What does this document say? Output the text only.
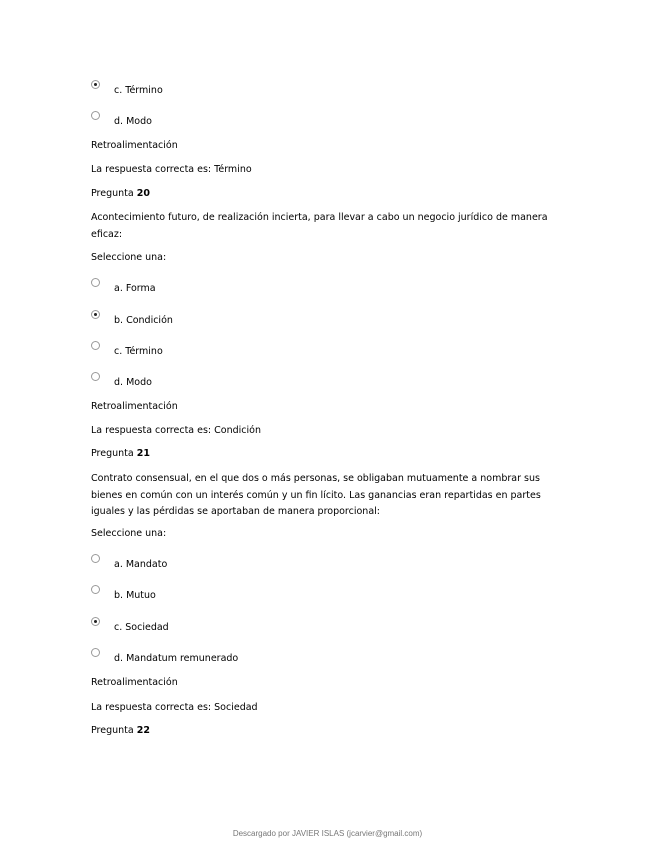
c. Término
d. Modo
Retroalimentación
La respuesta correcta es: Término
Pregunta 20
Acontecimiento futuro, de realización incierta, para llevar a cabo un negocio jurídico de manera eficaz:
Seleccione una:
a. Forma
b. Condición
c. Término
d. Modo
Retroalimentación
La respuesta correcta es: Condición
Pregunta 21
Contrato consensual, en el que dos o más personas, se obligaban mutuamente a nombrar sus bienes en común con un interés común y un fin lícito. Las ganancias eran repartidas en partes iguales y las pérdidas se aportaban de manera proporcional:
Seleccione una:
a. Mandato
b. Mutuo
c. Sociedad
d. Mandatum remunerado
Retroalimentación
La respuesta correcta es: Sociedad
Pregunta 22
Descargado por JAVIER ISLAS (jcarvier@gmail.com)
